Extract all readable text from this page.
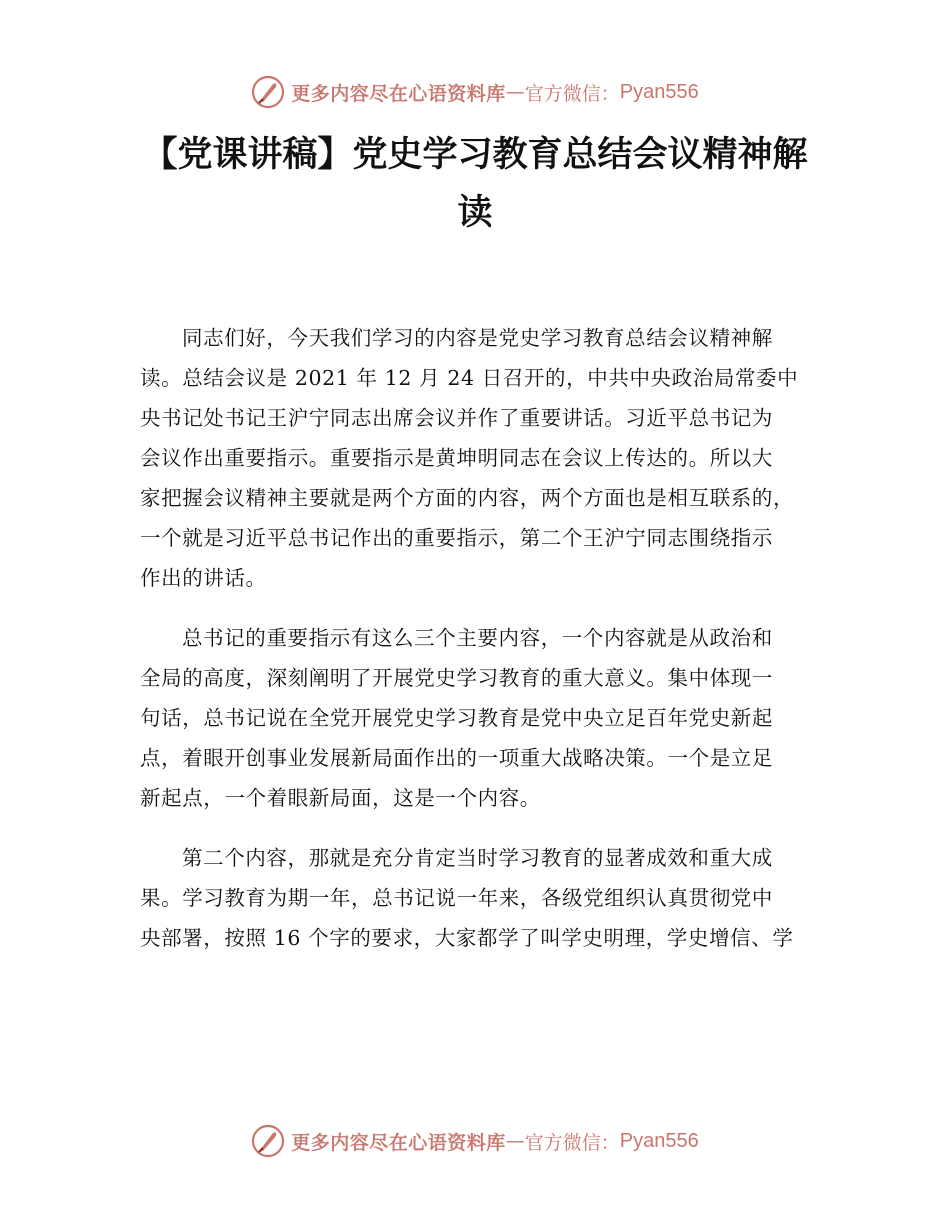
更多内容尽在心语资料库 — 官方微信： Pyan556
【党课讲稿】党史学习教育总结会议精神解
读
同志们好，今天我们学习的内容是党史学习教育总结会议精神解
读。总结会议是 2021 年 12 月 24 日召开的，中共中央政治局常委中
央书记处书记王沪宁同志出席会议并作了重要讲话。习近平总书记为
会议作出重要指示。重要指示是黄坤明同志在会议上传达的。所以大
家把握会议精神主要就是两个方面的内容，两个方面也是相互联系的，
一个就是习近平总书记作出的重要指示，第二个王沪宁同志围绕指示
作出的讲话。
总书记的重要指示有这么三个主要内容，一个内容就是从政治和
全局的高度，深刻阐明了开展党史学习教育的重大意义。集中体现一
句话，总书记说在全党开展党史学习教育是党中央立足百年党史新起
点，着眼开创事业发展新局面作出的一项重大战略决策。一个是立足
新起点，一个着眼新局面，这是一个内容。
第二个内容，那就是充分肯定当时学习教育的显著成效和重大成
果。学习教育为期一年，总书记说一年来，各级党组织认真贯彻党中
央部署，按照 16 个字的要求，大家都学了叫学史明理，学史增信、学
更多内容尽在心语资料库 — 官方微信： Pyan556
